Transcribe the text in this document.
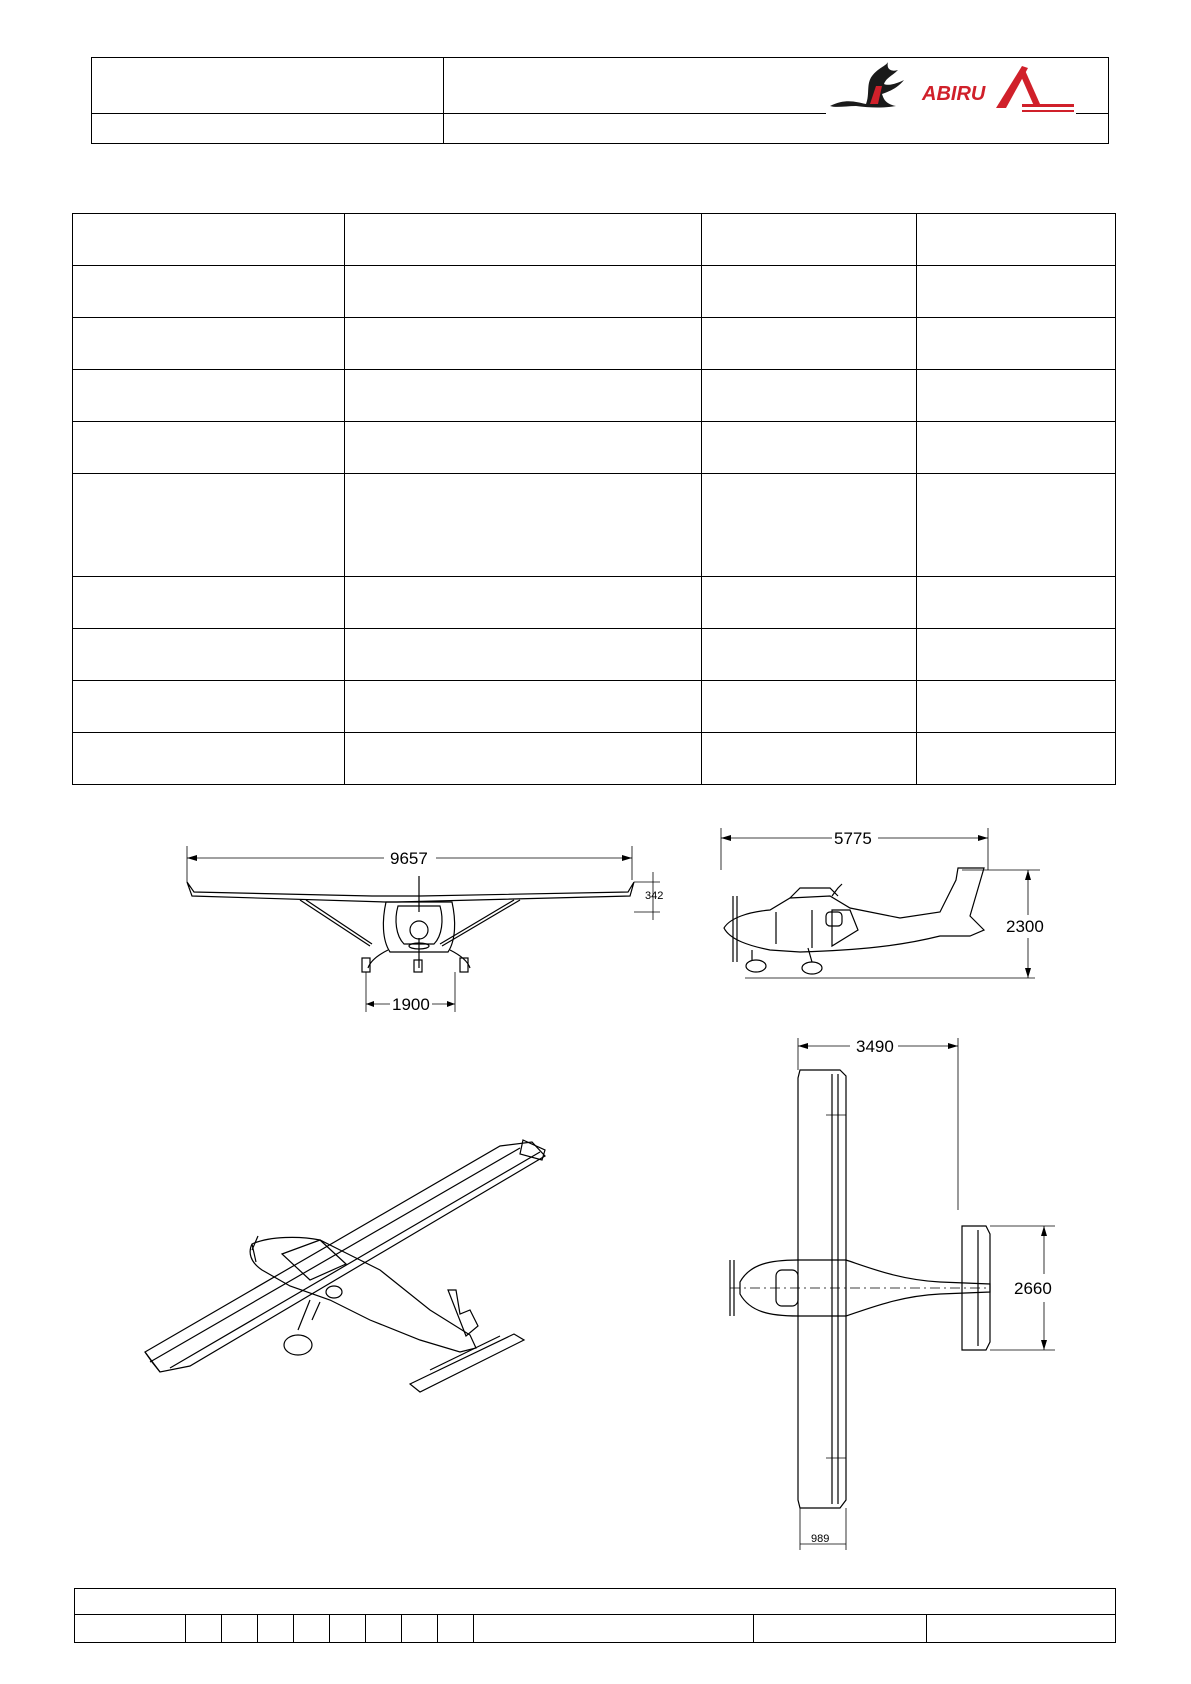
ABIRU

9657
342
1900
5775
2300
3490
2660
989
